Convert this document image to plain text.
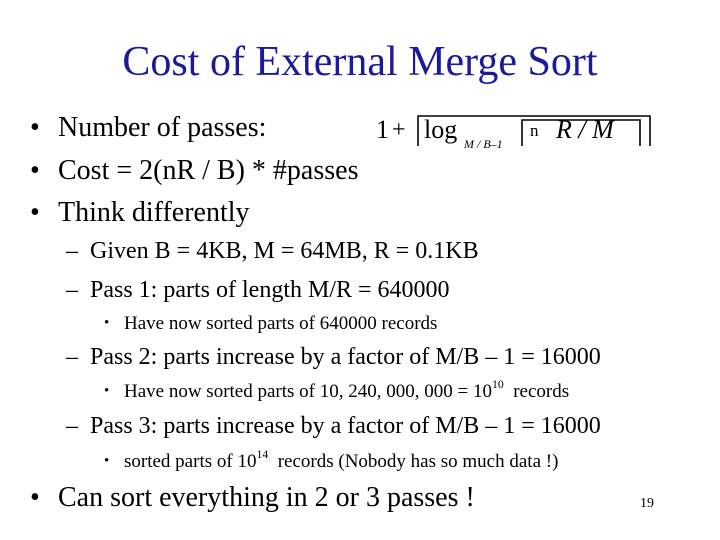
Cost of External Merge Sort
• Number of passes:	1 + log M / B–1
n R / M
• Cost = 2(nR / B) * #passes
• Think differently
– Given B = 4KB, M = 64MB, R = 0.1KB
– Pass 1: parts of length M/R = 640000
• Have now sorted parts of 640000 records
– Pass 2: parts increase by a factor of M/B – 1 = 16000
• Have now sorted parts of 10, 240, 000, $000 = 10^{10}$  records
– Pass 3: parts increase by a factor of M/B – 1 = 16000
• sorted parts of $10^{14}$  records (Nobody has so much data !)
• Can sort everything in 2 or 3 passes !	19
